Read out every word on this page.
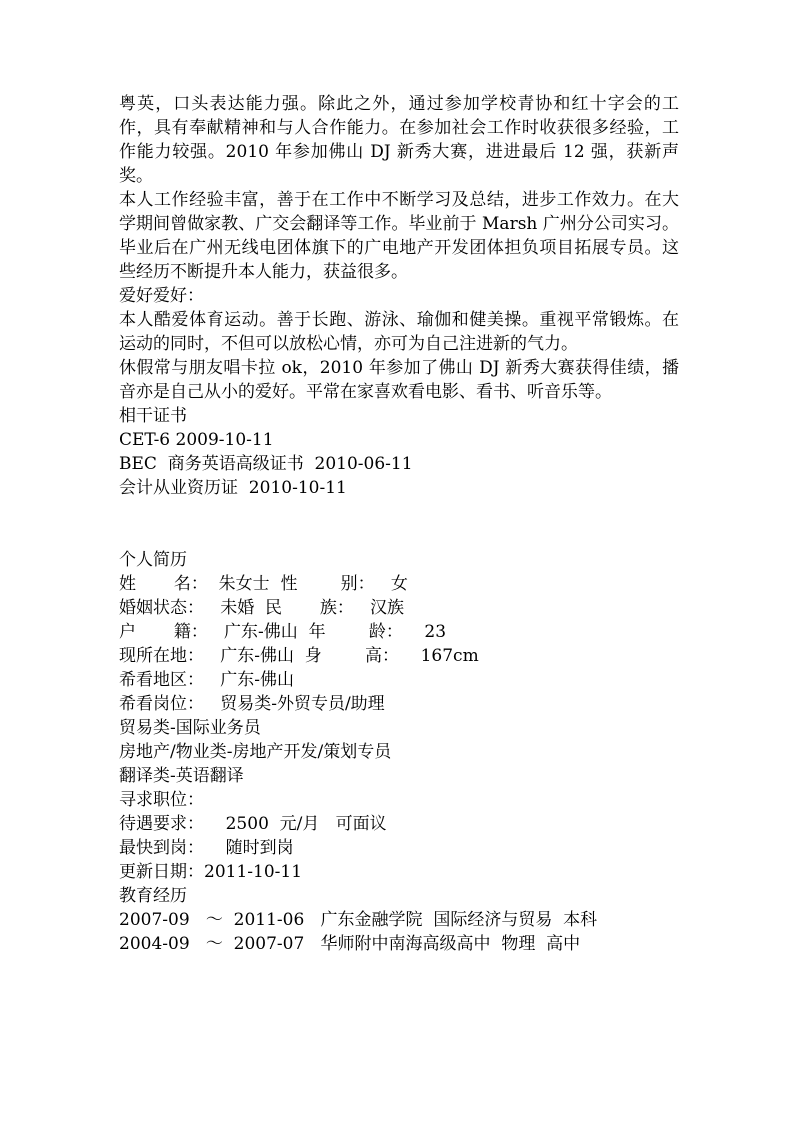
粤英，口头表达能力强。除此之外，通过参加学校青协和红十字会的工作，具有奉献精神和与人合作能力。在参加社会工作时收获很多经验，工作能力较强。2010 年参加佛山 DJ 新秀大赛，进进最后 12 强，获新声奖。

本人工作经验丰富，善于在工作中不断学习及总结，进步工作效力。在大学期间曾做家教、广交会翻译等工作。毕业前于 Marsh 广州分公司实习。毕业后在广州无线电团体旗下的广电地产开发团体担负项目拓展专员。这些经历不断提升本人能力，获益很多。

爱好爱好：

本人酷爱体育运动。善于长跑、游泳、瑜伽和健美操。重视平常锻炼。在运动的同时，不但可以放松心情，亦可为自己注进新的气力。

休假常与朋友唱卡拉 ok，2010 年参加了佛山 DJ 新秀大赛获得佳绩，播音亦是自己从小的爱好。平常在家喜欢看电影、看书、听音乐等。

相干证书

CET-6 2009-10-11

BEC  商务英语高级证书  2010-06-11

会计从业资历证  2010-10-11

个人简历

姓       名：  朱女士  性        别：   女

婚姻状态：   未婚  民       族：   汉族

户       籍：   广东-佛山  年        龄：    23

现所在地：   广东-佛山  身        高：    167cm

希看地区：   广东-佛山

希看岗位：   贸易类-外贸专员/助理

贸易类-国际业务员

房地产/物业类-房地产开发/策划专员

翻译类-英语翻译

寻求职位：

待遇要求：    2500  元/月   可面议

最快到岗：    随时到岗

更新日期：2011-10-11

教育经历

2007-09   ～  2011-06   广东金融学院  国际经济与贸易  本科

2004-09   ～  2007-07   华师附中南海高级高中  物理  高中
